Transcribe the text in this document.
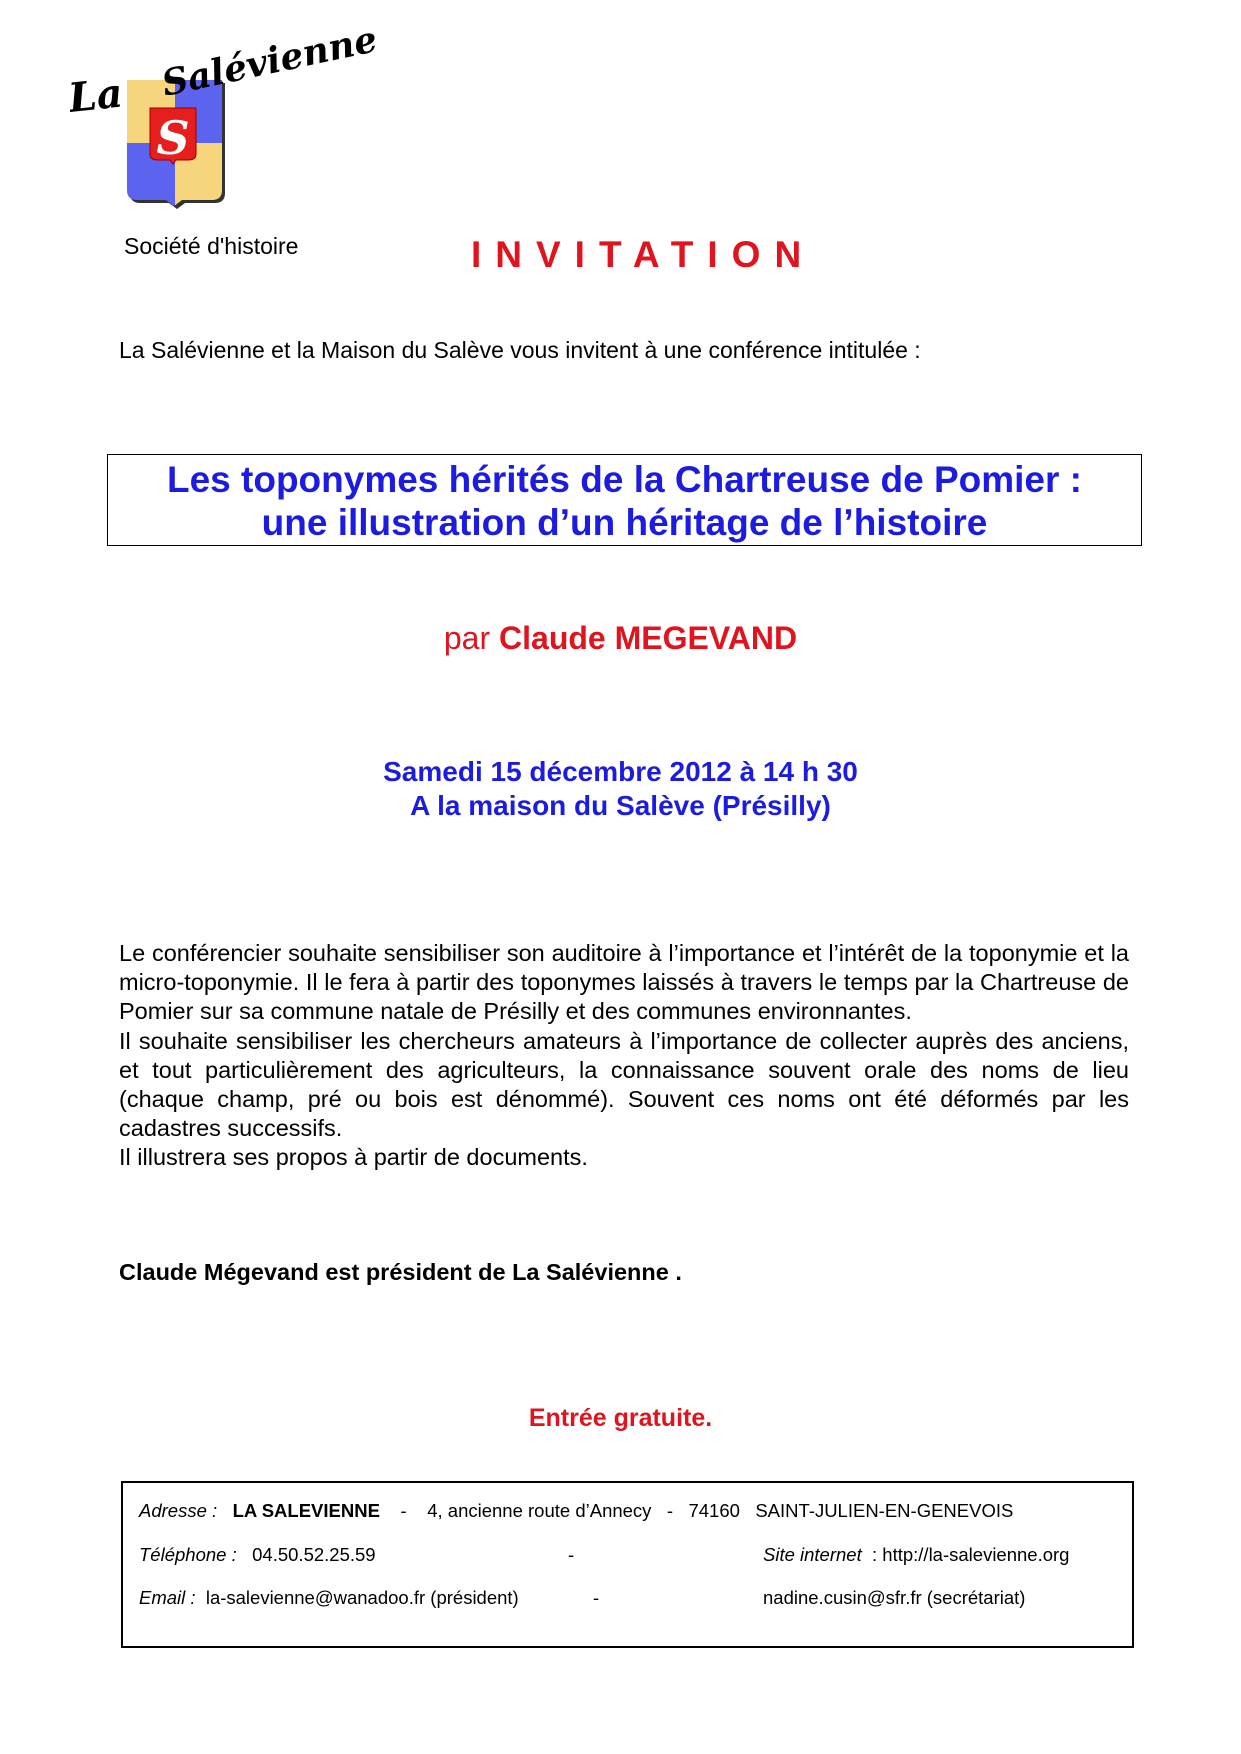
S
La Salévienne
Société d'histoire	INVITATION
La Salévienne et la Maison du Salève vous invitent à une conférence intitulée :
Les toponymes hérités de la Chartreuse de Pomier :
une illustration d’un héritage de l’histoire
par Claude MEGEVAND
Samedi 15 décembre 2012 à 14 h 30
A la maison du Salève (Présilly)

Le conférencier souhaite sensibiliser son auditoire à l’importance et l’intérêt de la toponymie et la micro-toponymie. Il le fera à partir des toponymes laissés à travers le temps par la Chartreuse de Pomier sur sa commune natale de Présilly et des communes environnantes.

Il souhaite sensibiliser les chercheurs amateurs à l’importance de collecter auprès des anciens, et tout particulièrement des agriculteurs, la connaissance souvent orale des noms de lieu (chaque champ, pré ou bois est dénommé). Souvent ces noms ont été déformés par les cadastres successifs.

Il illustrera ses propos à partir de documents.

Claude Mégevand est président de La Salévienne .
Entrée gratuite.
Adresse : LA SALEVIENNE - 4, ancienne route d’Annecy - 74160 SAINT-JULIEN-EN-GENEVOIS
Téléphone : 04.50.52.25.59	-	Site internet : http://la-salevienne.org
Email : la-salevienne@wanadoo.fr (président)	-	nadine.cusin@sfr.fr (secrétariat)
